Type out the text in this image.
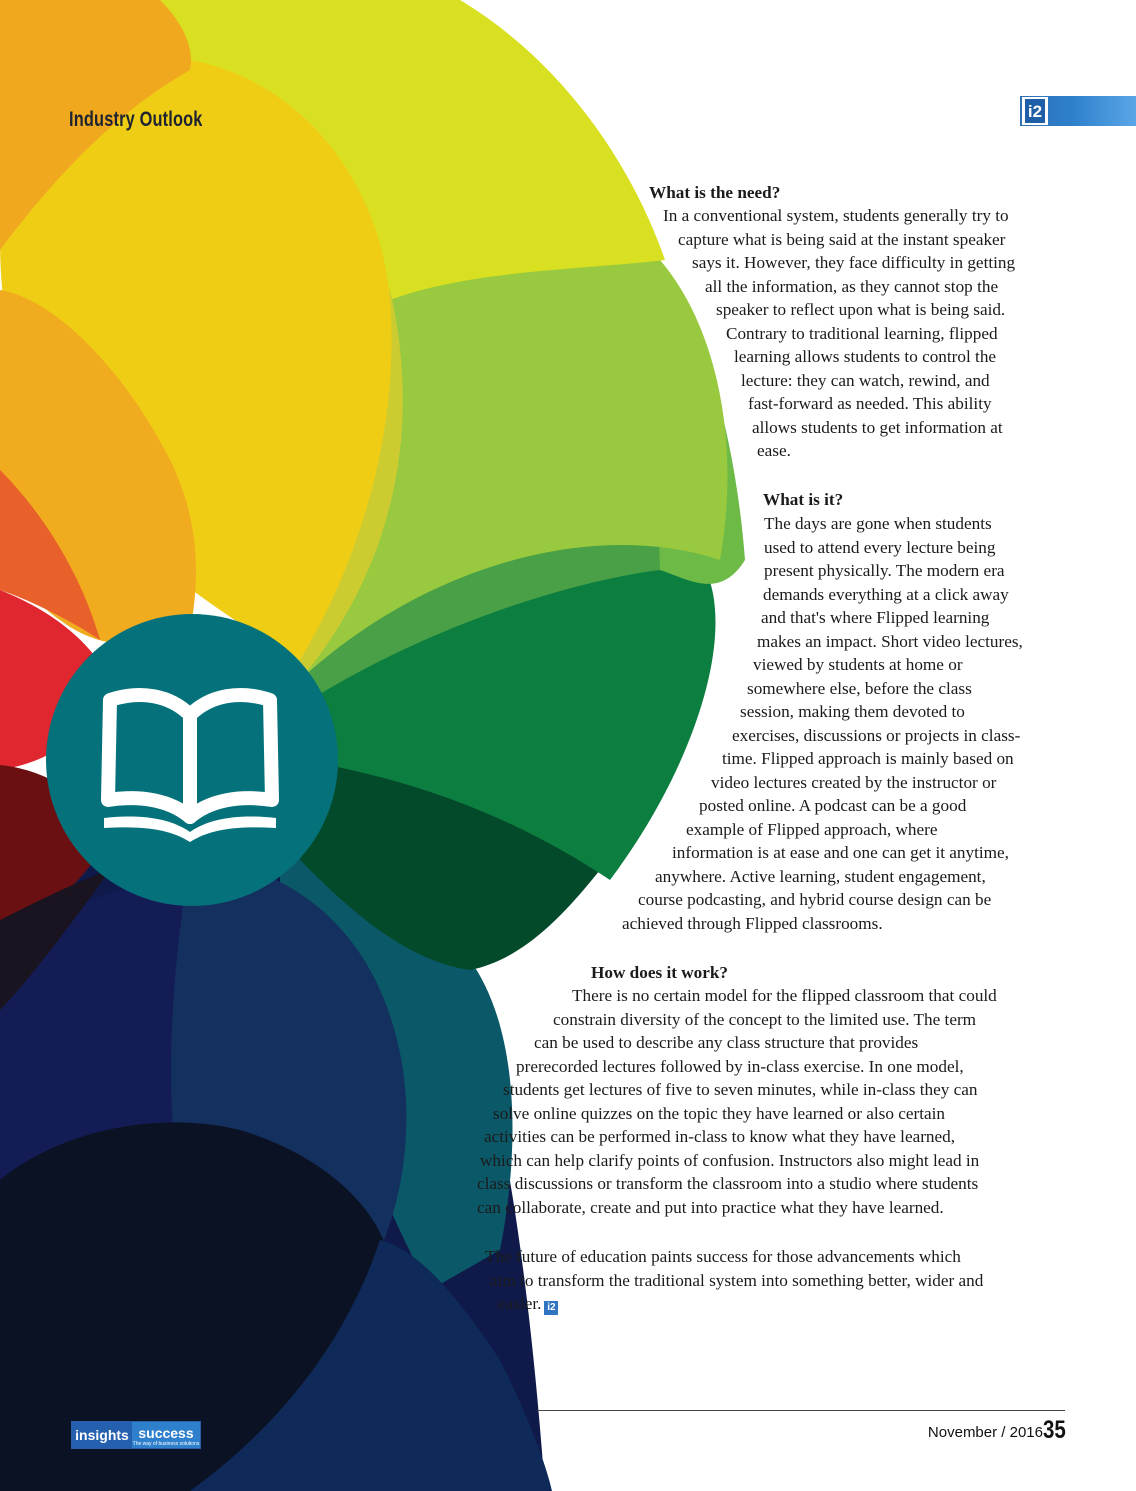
Industry Outlook	i2
What is the need?
In a conventional system, students generally try to
capture what is being said at the instant speaker
says it. However, they face difficulty in getting
all the information, as they cannot stop the
speaker to reflect upon what is being said.
Contrary to traditional learning, flipped
learning allows students to control the
lecture: they can watch, rewind, and
fast-forward as needed. This ability
allows students to get information at
ease.
What is it?
The days are gone when students
used to attend every lecture being
present physically. The modern era
demands everything at a click away
and that's where Flipped learning
makes an impact. Short video lectures,
viewed by students at home or
somewhere else, before the class
session, making them devoted to
exercises, discussions or projects in class-
time. Flipped approach is mainly based on
video lectures created by the instructor or
posted online. A podcast can be a good
example of Flipped approach, where
information is at ease and one can get it anytime,
anywhere. Active learning, student engagement,
course podcasting, and hybrid course design can be
achieved through Flipped classrooms.
How does it work?
There is no certain model for the flipped classroom that could
constrain diversity of the concept to the limited use. The term
can be used to describe any class structure that provides
prerecorded lectures followed by in-class exercise. In one model,
students get lectures of five to seven minutes, while in-class they can
solve online quizzes on the topic they have learned or also certain
activities can be performed in-class to know what they have learned,
which can help clarify points of confusion. Instructors also might lead in
class discussions or transform the classroom into a studio where students
can collaborate, create and put into practice what they have learned.
The future of education paints success for those advancements which
aim to transform the traditional system into something better, wider and
easier. i2
insights success
The way of business solutions
November / 2016 35
